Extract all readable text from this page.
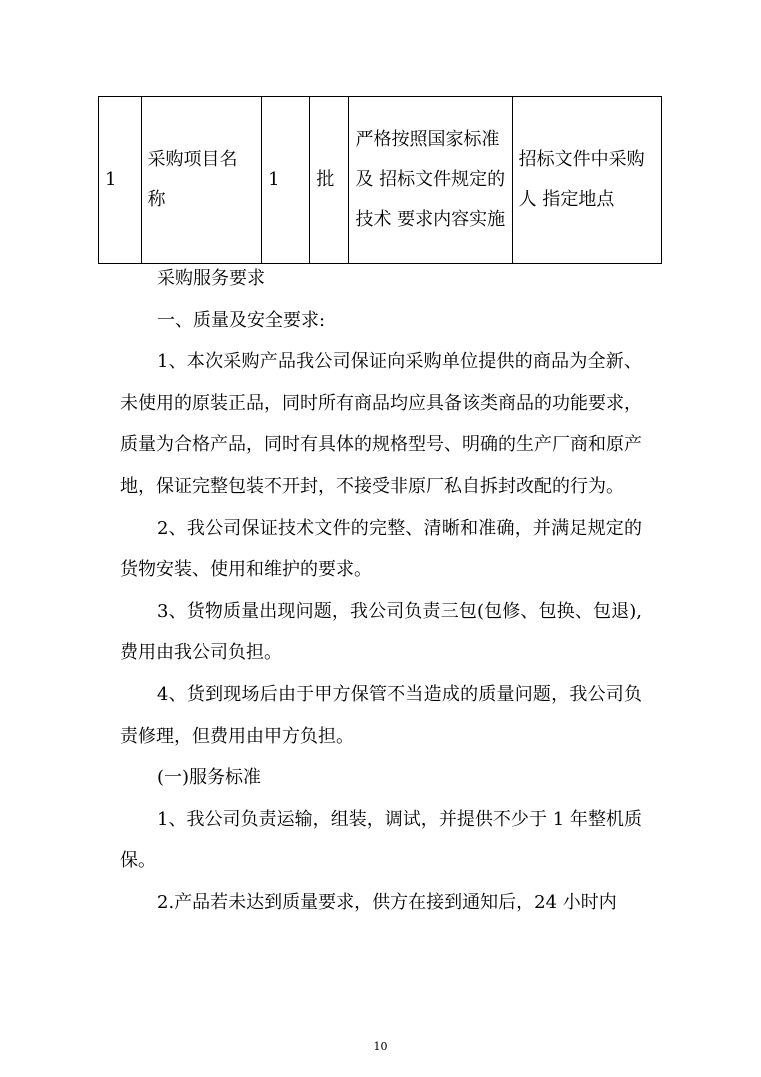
1	采购项目名称	1	批	严格按照国家标准及 招标文件规定的技术 要求内容实施	招标文件中采购人 指定地点

采购服务要求

一、质量及安全要求:

1、本次采购产品我公司保证向采购单位提供的商品为全新、未使用的原装正品，同时所有商品均应具备该类商品的功能要求，质量为合格产品，同时有具体的规格型号、明确的生产厂商和原产地，保证完整包装不开封，不接受非原厂私自拆封改配的行为。

2、我公司保证技术文件的完整、清晰和准确，并满足规定的货物安装、使用和维护的要求。

3、货物质量出现问题，我公司负责三包(包修、包换、包退),费用由我公司负担。

4、货到现场后由于甲方保管不当造成的质量问题，我公司负责修理，但费用由甲方负担。

(一)服务标准

1、我公司负责运输，组装，调试，并提供不少于 1 年整机质保。

2.产品若未达到质量要求，供方在接到通知后，24 小时内

10
